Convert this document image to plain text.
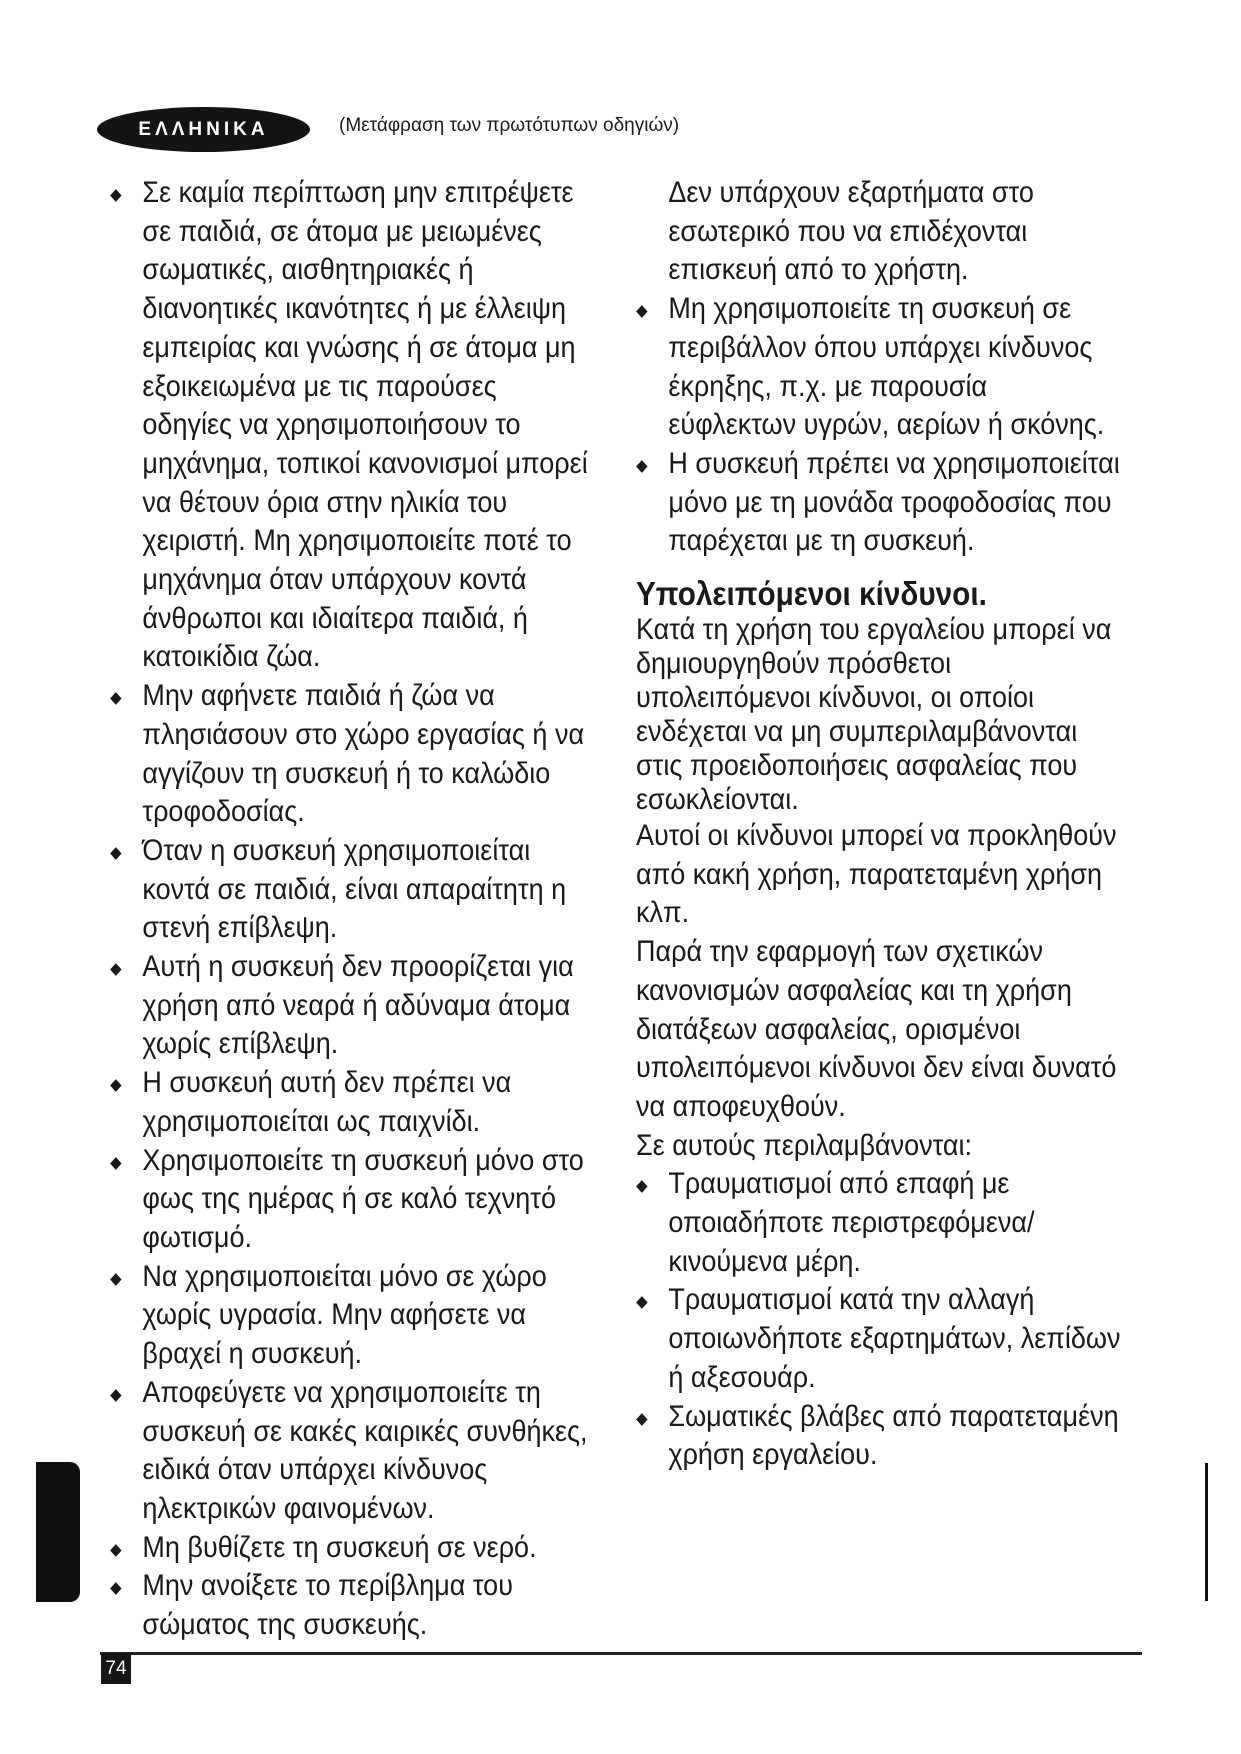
ΕΛΛΗΝΙΚΑ	(Μετάφραση των πρωτότυπων οδηγιών)
Σε καμία περίπτωση μην επιτρέψετε σε παιδιά, σε άτομα με μειωμένες σωματικές, αισθητηριακές ή διανοητικές ικανότητες ή με έλλειψη εμπειρίας και γνώσης ή σε άτομα μη εξοικειωμένα με τις παρούσες οδηγίες να χρησιμοποιήσουν το μηχάνημα, τοπικοί κανονισμοί μπορεί να θέτουν όρια στην ηλικία του χειριστή. Μη χρησιμοποιείτε ποτέ το μηχάνημα όταν υπάρχουν κοντά άνθρωποι και ιδιαίτερα παιδιά, ή κατοικίδια ζώα.
Μην αφήνετε παιδιά ή ζώα να πλησιάσουν στο χώρο εργασίας ή να αγγίζουν τη συσκευή ή το καλώδιο τροφοδοσίας.
Όταν η συσκευή χρησιμοποιείται κοντά σε παιδιά, είναι απαραίτητη η στενή επίβλεψη.
Αυτή η συσκευή δεν προορίζεται για χρήση από νεαρά ή αδύναμα άτομα χωρίς επίβλεψη.
Η συσκευή αυτή δεν πρέπει να χρησιμοποιείται ως παιχνίδι.
Χρησιμοποιείτε τη συσκευή μόνο στο φως της ημέρας ή σε καλό τεχνητό φωτισμό.
Να χρησιμοποιείται μόνο σε χώρο χωρίς υγρασία. Μην αφήσετε να βραχεί η συσκευή.
Αποφεύγετε να χρησιμοποιείτε τη συσκευή σε κακές καιρικές συνθήκες, ειδικά όταν υπάρχει κίνδυνος ηλεκτρικών φαινομένων.
Μη βυθίζετε τη συσκευή σε νερό.
Μην ανοίξετε το περίβλημα του σώματος της συσκευής.

Δεν υπάρχουν εξαρτήματα στο εσωτερικό που να επιδέχονται επισκευή από το χρήστη.

Μη χρησιμοποιείτε τη συσκευή σε περιβάλλον όπου υπάρχει κίνδυνος έκρηξης, π.χ. με παρουσία εύφλεκτων υγρών, αερίων ή σκόνης.
Η συσκευή πρέπει να χρησιμοποιείται μόνο με τη μονάδα τροφοδοσίας που παρέχεται με τη συσκευή.
Υπολειπόμενοι κίνδυνοι.

Κατά τη χρήση του εργαλείου μπορεί να δημιουργηθούν πρόσθετοι υπολειπόμενοι κίνδυνοι, οι οποίοι ενδέχεται να μη συμπεριλαμβάνονται στις προειδοποιήσεις ασφαλείας που εσωκλείονται.

Αυτοί οι κίνδυνοι μπορεί να προκληθούν από κακή χρήση, παρατεταμένη χρήση κλπ.

Παρά την εφαρμογή των σχετικών κανονισμών ασφαλείας και τη χρήση διατάξεων ασφαλείας, ορισμένοι υπολειπόμενοι κίνδυνοι δεν είναι δυνατό να αποφευχθούν.

Σε αυτούς περιλαμβάνονται:

Τραυματισμοί από επαφή με οποιαδήποτε περιστρεφόμενα/ κινούμενα μέρη.
Τραυματισμοί κατά την αλλαγή οποιωνδήποτε εξαρτημάτων, λεπίδων ή αξεσουάρ.
Σωματικές βλάβες από παρατεταμένη χρήση εργαλείου.
74
